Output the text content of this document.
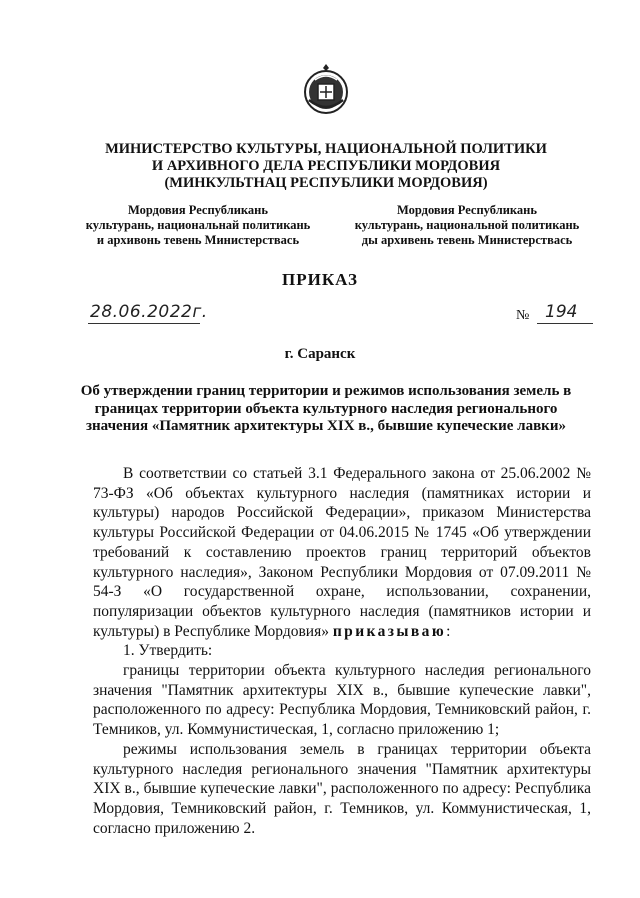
МИНИСТЕРСТВО КУЛЬТУРЫ, НАЦИОНАЛЬНОЙ ПОЛИТИКИ
И АРХИВНОГО ДЕЛА РЕСПУБЛИКИ МОРДОВИЯ
(МИНКУЛЬТНАЦ РЕСПУБЛИКИ МОРДОВИЯ)
Мордовия Республикань
культурань, национальнай политикань
и архивонь тевень Министерствась
Мордовия Республикань
культурань, национальной политикань
ды архивень тевень Министерствась
ПРИКАЗ
28.06.2022г.	№ 194
г. Саранск
Об утверждении границ территории и режимов использования земель в границах территории объекта культурного наследия регионального значения «Памятник архитектуры XIX в., бывшие купеческие лавки»

В соответствии со статьей 3.1 Федерального закона от 25.06.2002 № 73-ФЗ «Об объектах культурного наследия (памятниках истории и культуры) народов Российской Федерации», приказом Министерства культуры Российской Федерации от 04.06.2015 № 1745 «Об утверждении требований к составлению проектов границ территорий объектов культурного наследия», Законом Республики Мордовия от 07.09.2011 № 54-З «О государственной охране, использовании, сохранении, популяризации объектов культурного наследия (памятников истории и культуры) в Республике Мордовия» приказываю:

1. Утвердить:

границы территории объекта культурного наследия регионального значения "Памятник архитектуры XIX в., бывшие купеческие лавки", расположенного по адресу: Республика Мордовия, Темниковский район, г. Темников, ул. Коммунистическая, 1, согласно приложению 1;

режимы использования земель в границах территории объекта культурного наследия регионального значения "Памятник архитектуры XIX в., бывшие купеческие лавки", расположенного по адресу: Республика Мордовия, Темниковский район, г. Темников, ул. Коммунистическая, 1, согласно приложению 2.
